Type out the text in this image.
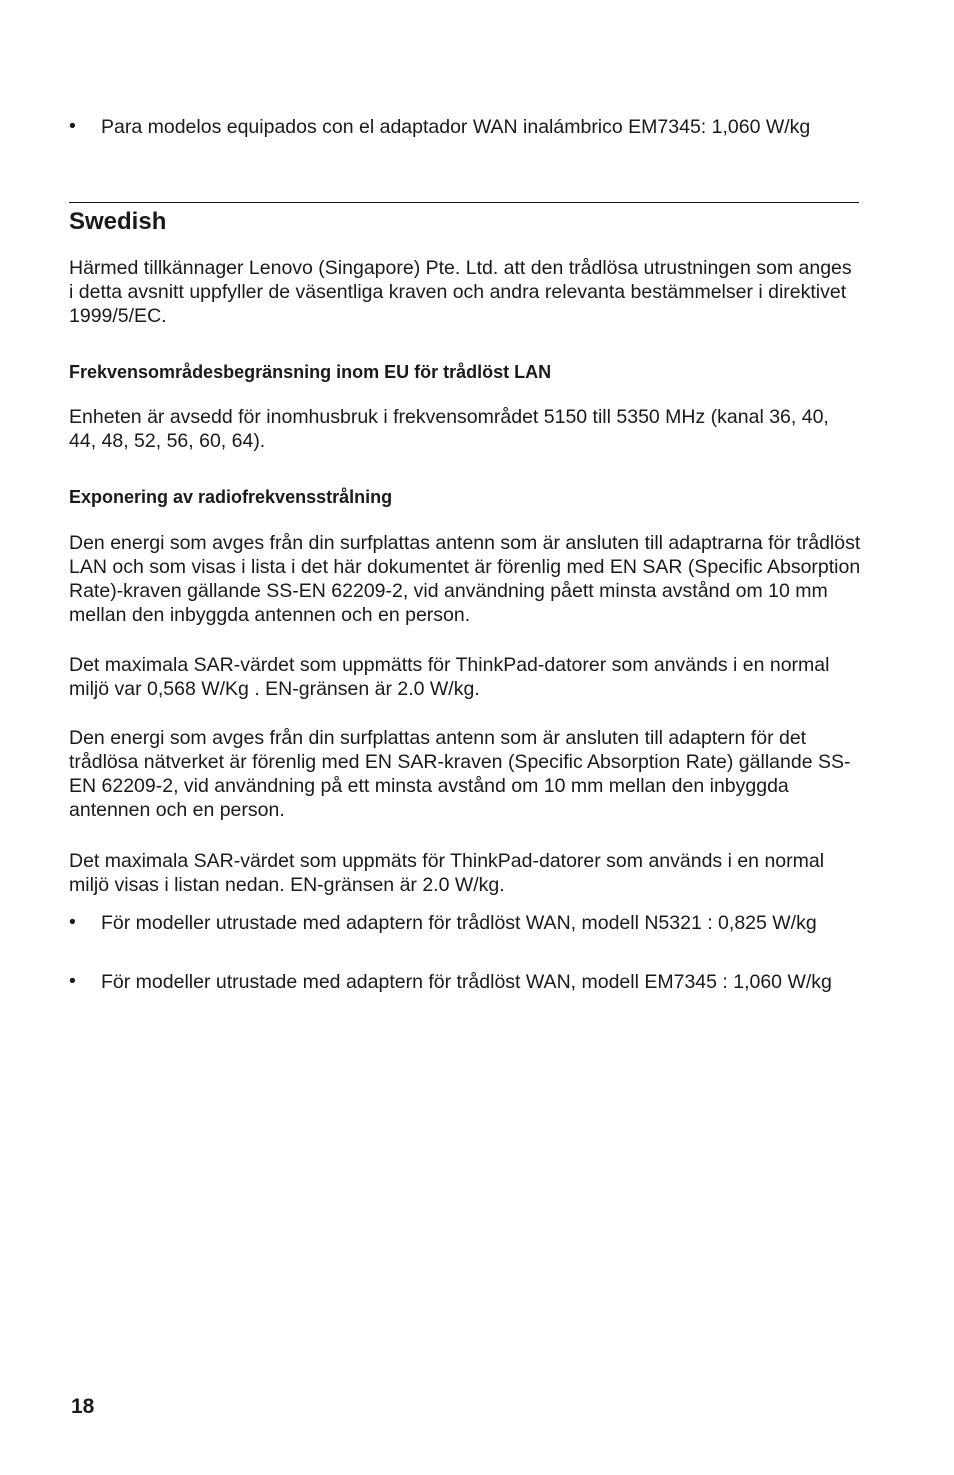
• Para modelos equipados con el adaptador WAN inalámbrico EM7345: 1,060 W/kg

Swedish

Härmed tillkännager Lenovo (Singapore) Pte. Ltd. att den trådlösa utrustningen som anges i detta avsnitt uppfyller de väsentliga kraven och andra relevanta bestämmelser i direktivet 1999/5/EC.

Frekvensområdesbegränsning inom EU för trådlöst LAN

Enheten är avsedd för inomhusbruk i frekvensområdet 5150 till 5350 MHz (kanal 36, 40, 44, 48, 52, 56, 60, 64).

Exponering av radiofrekvensstrålning

Den energi som avges från din surfplattas antenn som är ansluten till adaptrarna för trådlöst LAN och som visas i lista i det här dokumentet är förenlig med EN SAR (Specific Absorption Rate)-kraven gällande SS-EN 62209-2, vid användning påett minsta avstånd om 10 mm mellan den inbyggda antennen och en person.

Det maximala SAR-värdet som uppmätts för ThinkPad-datorer som används i en normal miljö var 0,568 W/Kg . EN-gränsen är 2.0 W/kg.

Den energi som avges från din surfplattas antenn som är ansluten till adaptern för det trådlösa nätverket är förenlig med EN SAR-kraven (Specific Absorption Rate) gällande SS-EN 62209-2, vid användning på ett minsta avstånd om 10 mm mellan den inbyggda antennen och en person.

Det maximala SAR-värdet som uppmäts för ThinkPad-datorer som används i en normal miljö visas i listan nedan. EN-gränsen är 2.0 W/kg.

• För modeller utrustade med adaptern för trådlöst WAN, modell N5321 : 0,825 W/kg

• För modeller utrustade med adaptern för trådlöst WAN, modell EM7345 : 1,060 W/kg

18
